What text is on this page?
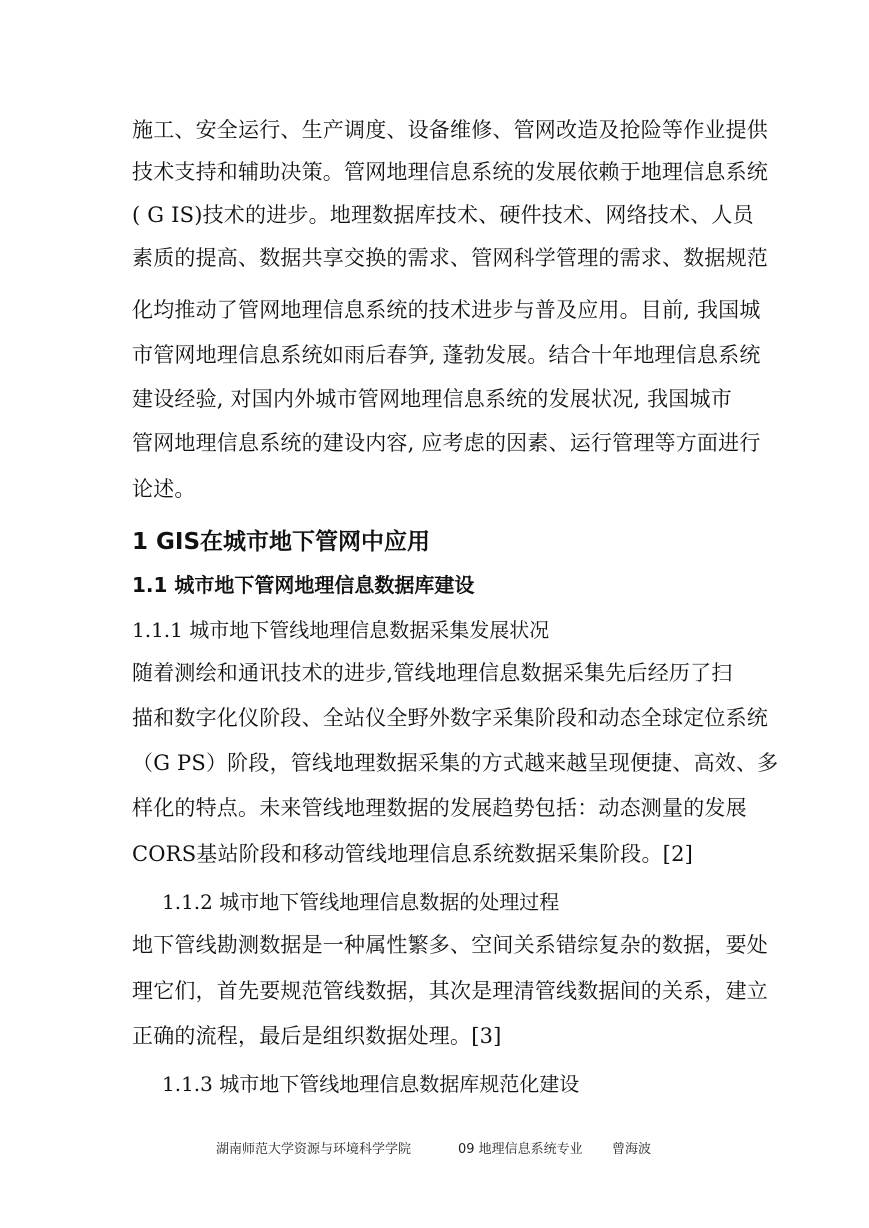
施工、安全运行、生产调度、设备维修、管网改造及抢险等作业提供
技术支持和辅助决策。管网地理信息系统的发展依赖于地理信息系统
( G IS)技术的进步。地理数据库技术、硬件技术、网络技术、人员
素质的提高、数据共享交换的需求、管网科学管理的需求、数据规范
化均推动了管网地理信息系统的技术进步与普及应用。目前, 我国城
市管网地理信息系统如雨后春笋, 蓬勃发展。结合十年地理信息系统
建设经验, 对国内外城市管网地理信息系统的发展状况, 我国城市
管网地理信息系统的建设内容, 应考虑的因素、运行管理等方面进行
论述。
1 GIS在城市地下管网中应用
1.1 城市地下管网地理信息数据库建设
1.1.1 城市地下管线地理信息数据采集发展状况
随着测绘和通讯技术的进步,管线地理信息数据采集先后经历了扫
描和数字化仪阶段、全站仪全野外数字采集阶段和动态全球定位系统
（G PS）阶段，管线地理数据采集的方式越来越呈现便捷、高效、多
样化的特点。未来管线地理数据的发展趋势包括：动态测量的发展
CORS基站阶段和移动管线地理信息系统数据采集阶段。[2]
1.1.2 城市地下管线地理信息数据的处理过程
地下管线勘测数据是一种属性繁多、空间关系错综复杂的数据，要处
理它们，首先要规范管线数据，其次是理清管线数据间的关系，建立
正确的流程，最后是组织数据处理。[3]
1.1.3 城市地下管线地理信息数据库规范化建设
湖南师范大学资源与环境科学学院	09 地理信息系统专业 曾海波
